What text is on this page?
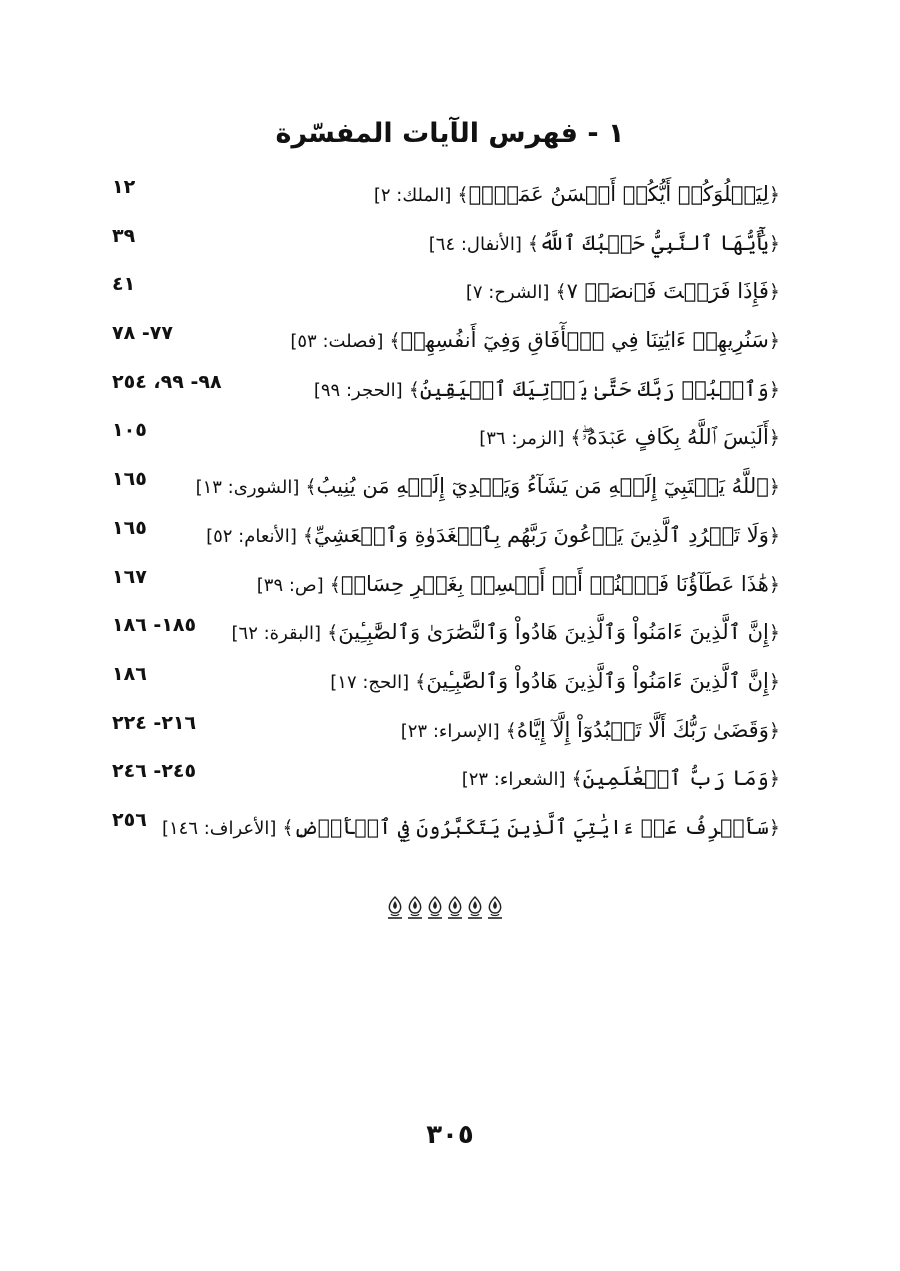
١ - فهرس الآيات المفسّرة
﴿لِيَبۡلُوَكُمۡ أَيُّكُمۡ أَحۡسَنُ عَمَلٗاۚ﴾[الملك: ٢]
١٢
﴿يَٰٓأَيُّهَا ٱلنَّبِيُّ حَسۡبُكَ ٱللَّهُ﴾[الأنفال: ٦٤]
٣٩
﴿فَإِذَا فَرَغۡتَ فَٱنصَبۡ ٧﴾[الشرح: ٧]
٤١
﴿سَنُرِيهِمۡ ءَايَٰتِنَا فِي ٱلۡأٓفَاقِ وَفِيٓ أَنفُسِهِمۡ﴾[فصلت: ٥٣]
٧٧- ٧٨
﴿وَٱعۡبُدۡ رَبَّكَ حَتَّىٰ يَأۡتِيَكَ ٱلۡيَقِينُ﴾[الحجر: ٩٩]
٩٨- ٩٩، ٢٥٤
﴿أَلَيۡسَ ٱللَّهُ بِكَافٍ عَبۡدَهُۥۖ﴾[الزمر: ٣٦]
١٠٥
﴿ٱللَّهُ يَجۡتَبِيٓ إِلَيۡهِ مَن يَشَآءُ وَيَهۡدِيٓ إِلَيۡهِ مَن يُنِيبُ﴾[الشورى: ١٣]
١٦٥
﴿وَلَا تَطۡرُدِ ٱلَّذِينَ يَدۡعُونَ رَبَّهُم بِٱلۡغَدَوٰةِ وَٱلۡعَشِيِّ﴾[الأنعام: ٥٢]
١٦٥
﴿هَٰذَا عَطَآؤُنَا فَٱمۡنُنۡ أَوۡ أَمۡسِكۡ بِغَيۡرِ حِسَابٖ﴾[ص: ٣٩]
١٦٧
﴿إِنَّ ٱلَّذِينَ ءَامَنُواْ وَٱلَّذِينَ هَادُواْ وَٱلنَّصَٰرَىٰ وَٱلصَّٰبِـِٔينَ﴾[البقرة: ٦٢]
١٨٥- ١٨٦
﴿إِنَّ ٱلَّذِينَ ءَامَنُواْ وَٱلَّذِينَ هَادُواْ وَٱلصَّٰبِـِٔينَ﴾[الحج: ١٧]
١٨٦
﴿وَقَضَىٰ رَبُّكَ أَلَّا تَعۡبُدُوٓاْ إِلَّآ إِيَّاهُ﴾[الإسراء: ٢٣]
٢١٦- ٢٢٤
﴿وَمَا رَبُّ ٱلۡعَٰلَمِينَ﴾[الشعراء: ٢٣]
٢٤٥- ٢٤٦
﴿سَأَصۡرِفُ عَنۡ ءَايَٰتِيَ ٱلَّذِينَ يَتَكَبَّرُونَ فِي ٱلۡأَرۡضِ﴾[الأعراف: ١٤٦]
٢٥٦
٣٠٥
